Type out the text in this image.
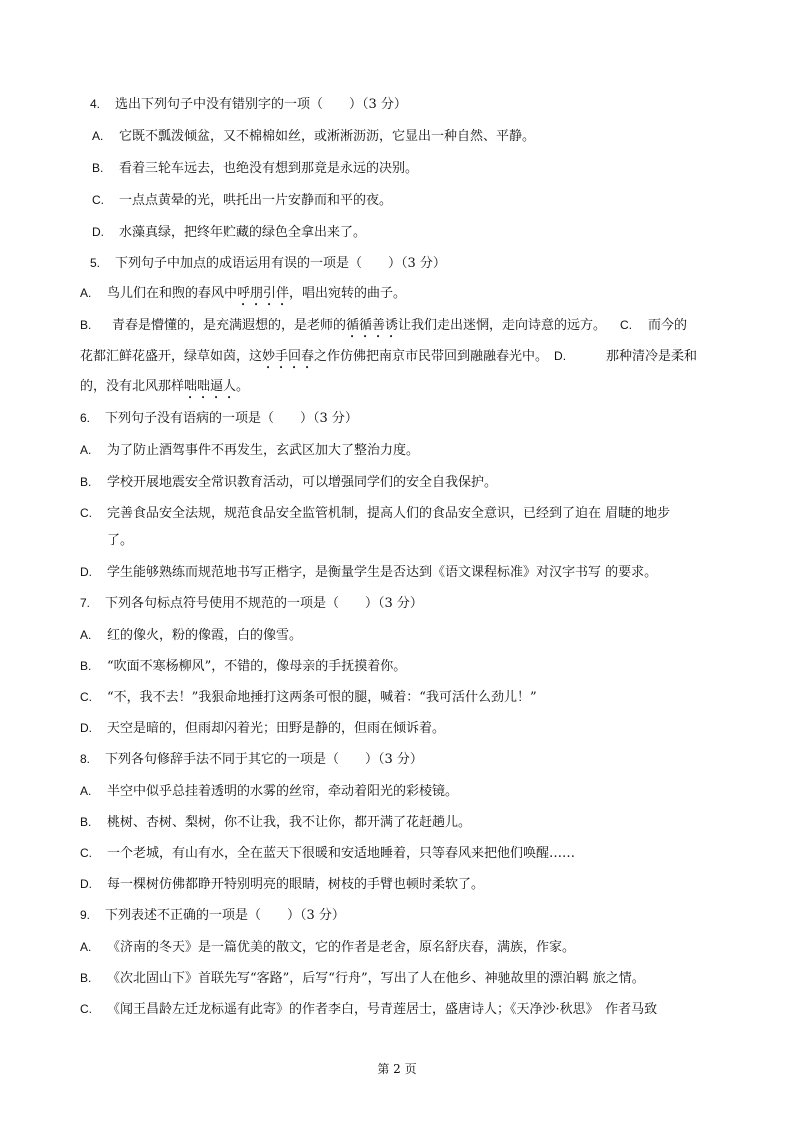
4. 选出下列句子中没有错别字的一项（　　）（3 分）
A. 它既不瓢泼倾盆，又不棉棉如丝，或淅淅沥沥，它显出一种自然、平静。
B. 看着三轮车远去，也绝没有想到那竟是永远的决别。
C. 一点点黄晕的光，哄托出一片安静而和平的夜。
D. 水藻真绿，把终年贮藏的绿色全拿出来了。
5. 下列句子中加点的成语运用有误的一项是（　　）（3 分）
A. 鸟儿们在和煦的春风中呼朋引伴，唱出宛转的曲子。
B. 青春是懵懂的，是充满遐想的，是老师的循循善诱让我们走出迷惘，走向诗意的远方。 C. 而今的
花都汇鲜花盛开，绿草如茵，这妙手回春之作仿佛把南京市民带回到融融春光中。 D.	那种清冷是柔和
的，没有北风那样咄咄逼人。
6. 下列句子没有语病的一项是（　　）（3 分）
A. 为了防止酒驾事件不再发生，玄武区加大了整治力度。
B. 学校开展地震安全常识教育活动，可以增强同学们的安全自我保护。
C. 完善食品安全法规，规范食品安全监管机制，提高人们的食品安全意识，已经到了迫在 眉睫的地步
了。
D. 学生能够熟练而规范地书写正楷字，是衡量学生是否达到《语文课程标准》对汉字书写 的要求。
7. 下列各句标点符号使用不规范的一项是（　　）（3 分）
A. 红的像火，粉的像霞，白的像雪。
B. “吹面不寒杨柳风”，不错的，像母亲的手抚摸着你。
C. “不，我不去！”我狠命地捶打这两条可恨的腿，喊着：“我可活什么劲儿！”
D. 天空是暗的，但雨却闪着光；田野是静的，但雨在倾诉着。
8. 下列各句修辞手法不同于其它的一项是（　　）（3 分）
A. 半空中似乎总挂着透明的水雾的丝帘，牵动着阳光的彩棱镜。
B. 桃树、杏树、梨树，你不让我，我不让你，都开满了花赶趟儿。
C. 一个老城，有山有水，全在蓝天下很暖和安适地睡着，只等春风来把他们唤醒……
D. 每一棵树仿佛都睁开特别明亮的眼睛，树枝的手臂也顿时柔软了。
9. 下列表述不正确的一项是（　　）（3 分）
A. 《济南的冬天》是一篇优美的散文，它的作者是老舍，原名舒庆春，满族，作家。
B. 《次北固山下》首联先写“客路”，后写“行舟”，写出了人在他乡、神驰故里的漂泊羁 旅之情。
C. 《闻王昌龄左迁龙标遥有此寄》的作者李白，号青莲居士，盛唐诗人；《天净沙·秋思》　作者马致
第 2 页
